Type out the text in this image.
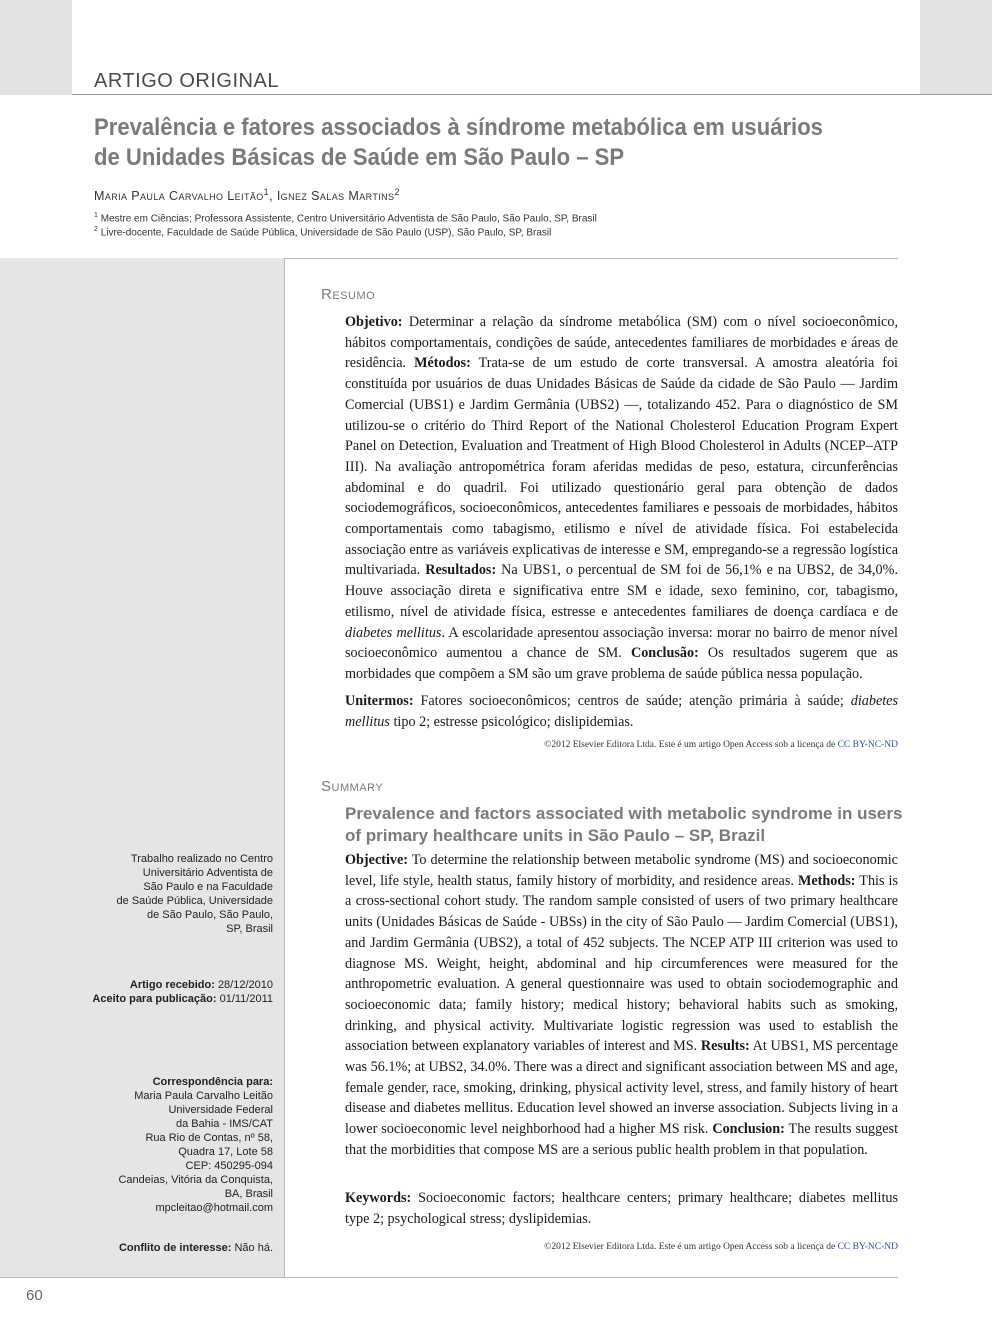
ARTIGO ORIGINAL
Prevalência e fatores associados à síndrome metabólica em usuários de Unidades Básicas de Saúde em São Paulo – SP
Maria Paula Carvalho Leitão$^1$, Ignez Salas Martins$^2$
$^1$ Mestre em Ciências; Professora Assistente, Centro Universitário Adventista de São Paulo, São Paulo, SP, Brasil
$^2$ Livre-docente, Faculdade de Saúde Pública, Universidade de São Paulo (USP), São Paulo, SP, Brasil
Trabalho realizado no Centro
Universitário Adventista de
São Paulo e na Faculdade
de Saúde Pública, Universidade
de São Paulo, São Paulo,
SP, Brasil
Artigo recebido: 28/12/2010
Aceito para publicação: 01/11/2011
Correspondência para:
Maria Paula Carvalho Leitão
Universidade Federal
da Bahia - IMS/CAT
Rua Rio de Contas, nº 58,
Quadra 17, Lote 58
CEP: 450295-094
Candeias, Vitória da Conquista,
BA, Brasil
mpcleitao@hotmail.com
Conflito de interesse: Não há.
Resumo

Objetivo: Determinar a relação da síndrome metabólica (SM) com o nível socioeconômico, hábitos comportamentais, condições de saúde, antecedentes familiares de morbidades e áreas de residência. Métodos: Trata-se de um estudo de corte transversal. A amostra aleatória foi constituída por usuários de duas Unidades Básicas de Saúde da cidade de São Paulo — Jardim Comercial (UBS1) e Jardim Germânia (UBS2) —, totalizando 452. Para o diagnóstico de SM utilizou-se o critério do Third Report of the National Cholesterol Education Program Expert Panel on Detection, Evaluation and Treatment of High Blood Cholesterol in Adults (NCEP–ATP III). Na avaliação antropométrica foram aferidas medidas de peso, estatura, circunferências abdominal e do quadril. Foi utilizado questionário geral para obtenção de dados sociodemográficos, socioeconômicos, antecedentes familiares e pessoais de morbidades, hábitos comportamentais como tabagismo, etilismo e nível de atividade física. Foi estabelecida associação entre as variáveis explicativas de interesse e SM, empregando-se a regressão logística multivariada. Resultados: Na UBS1, o percentual de SM foi de 56,1% e na UBS2, de 34,0%. Houve associação direta e significativa entre SM e idade, sexo feminino, cor, tabagismo, etilismo, nível de atividade física, estresse e antecedentes familiares de doença cardíaca e de diabetes mellitus. A escolaridade apresentou associação inversa: morar no bairro de menor nível socioeconômico aumentou a chance de SM. Conclusão: Os resultados sugerem que as morbidades que compõem a SM são um grave problema de saúde pública nessa população.

Unitermos: Fatores socioeconômicos; centros de saúde; atenção primária à saúde; diabetes mellitus tipo 2; estresse psicológico; dislipidemias.

©2012 Elsevier Editora Ltda. Este é um artigo Open Access sob a licença de CC BY-NC-ND
Summary
Prevalence and factors associated with metabolic syndrome in users of primary healthcare units in São Paulo – SP, Brazil

Objective: To determine the relationship between metabolic syndrome (MS) and socioeconomic level, life style, health status, family history of morbidity, and residence areas. Methods: This is a cross-sectional cohort study. The random sample consisted of users of two primary healthcare units (Unidades Básicas de Saúde - UBSs) in the city of São Paulo — Jardim Comercial (UBS1), and Jardim Germânia (UBS2), a total of 452 subjects. The NCEP ATP III criterion was used to diagnose MS. Weight, height, abdominal and hip circumferences were measured for the anthropometric evaluation. A general questionnaire was used to obtain sociodemographic and socioeconomic data; family history; medical history; behavioral habits such as smoking, drinking, and physical activity. Multivariate logistic regression was used to establish the association between explanatory variables of interest and MS. Results: At UBS1, MS percentage was 56.1%; at UBS2, 34.0%. There was a direct and significant association between MS and age, female gender, race, smoking, drinking, physical activity level, stress, and family history of heart disease and diabetes mellitus. Education level showed an inverse association. Subjects living in a lower socioeconomic level neighborhood had a higher MS risk. Conclusion: The results suggest that the morbidities that compose MS are a serious public health problem in that population.

Keywords: Socioeconomic factors; healthcare centers; primary healthcare; diabetes mellitus type 2; psychological stress; dyslipidemias.

©2012 Elsevier Editora Ltda. Este é um artigo Open Access sob a licença de CC BY-NC-ND
60
